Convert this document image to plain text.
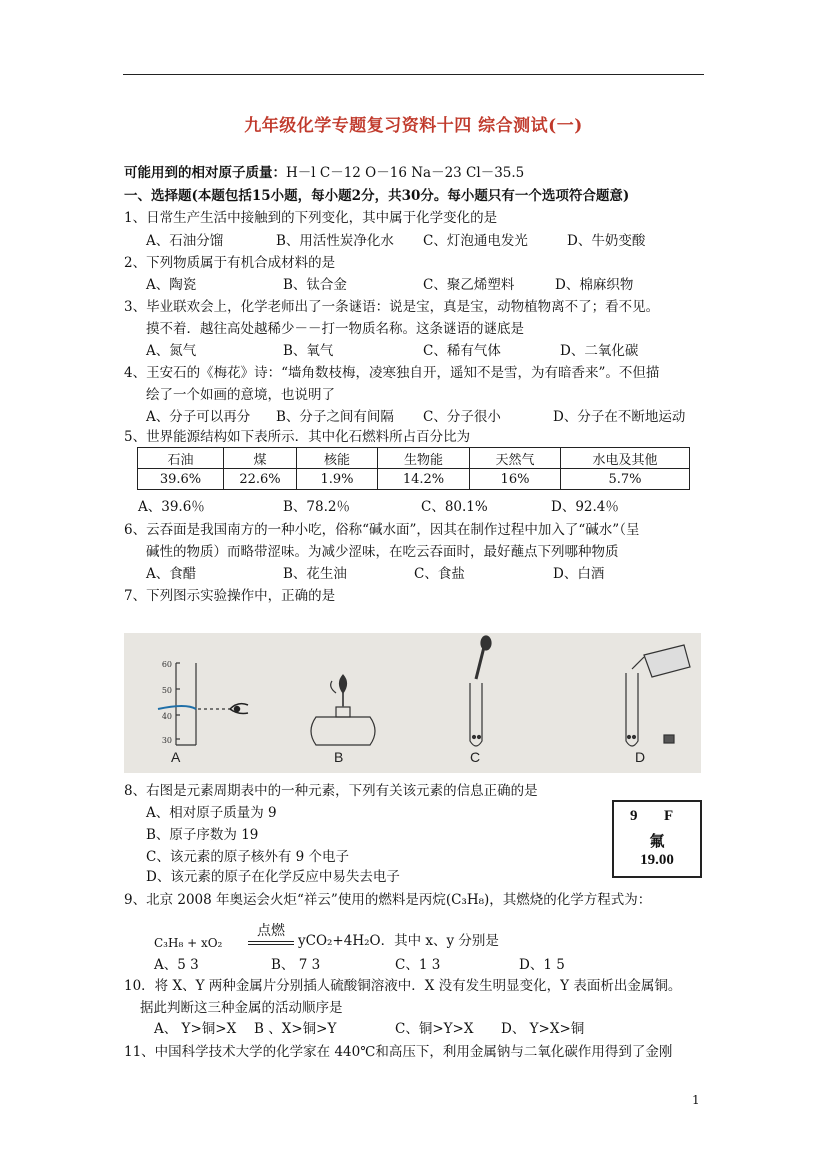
九年级化学专题复习资料十四 综合测试(一)
可能用到的相对原子质量：H－l C－12 O－16 Na－23 Cl－35.5
一、选择题(本题包括15小题，每小题2分，共30分。每小题只有一个选项符合题意)
1、日常生产生活中接触到的下列变化，其中属于化学变化的是
A、石油分馏	B、用活性炭净化水 C、灯泡通电发光	D、牛奶变酸
2、下列物质属于有机合成材料的是
A、陶瓷	B、钛合金	C、聚乙烯塑料	D、棉麻织物
3、毕业联欢会上，化学老师出了一条谜语：说是宝，真是宝，动物植物离不了；看不见。
摸不着．越往高处越稀少－－打一物质名称。这条谜语的谜底是
A、氮气	B、氧气	C、稀有气体	D、二氧化碳
4、王安石的《梅花》诗：“墙角数枝梅，凌寒独自开，遥知不是雪，为有暗香来”。不但描
绘了一个如画的意境，也说明了
A、分子可以再分 B、分子之间有间隔 C、分子很小	D、分子在不断地运动
5、世界能源结构如下表所示．其中化石燃料所占百分比为
石油	煤	核能	生物能	天然气	水电及其他
39.6%	22.6%	1.9%	14.2%	16%	5.7%
A、39.6％	B、78.2％	C、80.1%	D、92.4％
6、云吞面是我国南方的一种小吃，俗称“碱水面”，因其在制作过程中加入了“碱水”（呈
碱性的物质）而略带涩味。为减少涩味，在吃云吞面时，最好蘸点下列哪种物质
A、食醋	B、花生油	C、食盐	D、白酒
7、下列图示实验操作中，正确的是
60
50
40
30
A	B	C	D
8、右图是元素周期表中的一种元素，下列有关该元素的信息正确的是
A、相对原子质量为 9
B、原子序数为 19
C、该元素的原子核外有 9 个电子
D、该元素的原子在化学反应中易失去电子
9 F
氟
19.00
9、北京 2008 年奥运会火炬“祥云”使用的燃料是丙烷(C₃H₈)，其燃烧的化学方程式为：
C₃H₈ + xO₂
点燃
yCO₂+4H₂O．其中 x、y 分别是
A、5 3	B、 7 3	C、1 3	D、1 5
10．将 X、Y 两种金属片分别插人硫酸铜溶液中．X 没有发生明显变化，Y 表面析出金属铜。
据此判断这三种金属的活动顺序是
A、 Y>铜>X B 、X>铜>Y	C、铜>Y>X D、 Y>X>铜
11、中国科学技术大学的化学家在 440℃和高压下，利用金属钠与二氧化碳作用得到了金刚
1
